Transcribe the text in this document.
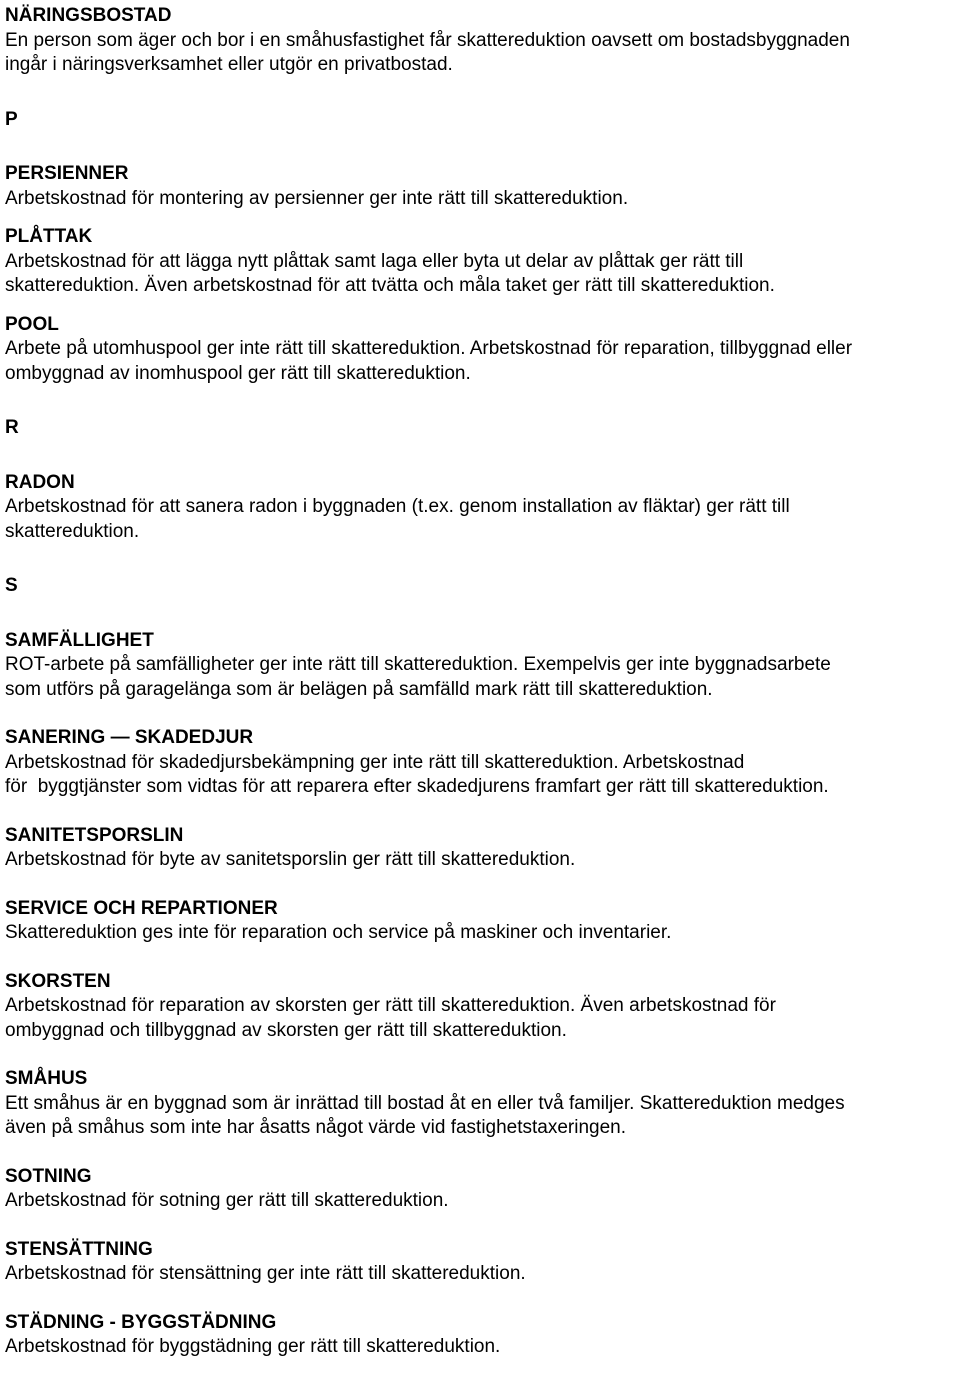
NÄRINGSBOSTAD
En person som äger och bor i en småhusfastighet får skattereduktion oavsett om bostadsbyggnaden
ingår i näringsverksamhet eller utgör en privatbostad.
P
PERSIENNER
Arbetskostnad för montering av persienner ger inte rätt till skattereduktion.
PLÅTTAK
Arbetskostnad för att lägga nytt plåttak samt laga eller byta ut delar av plåttak ger rätt till
skattereduktion. Även arbetskostnad för att tvätta och måla taket ger rätt till skattereduktion.
POOL
Arbete på utomhuspool ger inte rätt till skattereduktion. Arbetskostnad för reparation, tillbyggnad eller
ombyggnad av inomhuspool ger rätt till skattereduktion.
R
RADON
Arbetskostnad för att sanera radon i byggnaden (t.ex. genom installation av fläktar) ger rätt till
skattereduktion.
S
SAMFÄLLIGHET
ROT-arbete på samfälligheter ger inte rätt till skattereduktion. Exempelvis ger inte byggnadsarbete
som utförs på garagelänga som är belägen på samfälld mark rätt till skattereduktion.
SANERING — SKADEDJUR
Arbetskostnad för skadedjursbekämpning ger inte rätt till skattereduktion. Arbetskostnad
för  byggtjänster som vidtas för att reparera efter skadedjurens framfart ger rätt till skattereduktion.
SANITETSPORSLIN
Arbetskostnad för byte av sanitetsporslin ger rätt till skattereduktion.
SERVICE OCH REPARTIONER
Skattereduktion ges inte för reparation och service på maskiner och inventarier.
SKORSTEN
Arbetskostnad för reparation av skorsten ger rätt till skattereduktion. Även arbetskostnad för
ombyggnad och tillbyggnad av skorsten ger rätt till skattereduktion.
SMÅHUS
Ett småhus är en byggnad som är inrättad till bostad åt en eller två familjer. Skattereduktion medges
även på småhus som inte har åsatts något värde vid fastighetstaxeringen.
SOTNING
Arbetskostnad för sotning ger rätt till skattereduktion.
STENSÄTTNING
Arbetskostnad för stensättning ger inte rätt till skattereduktion.
STÄDNING - BYGGSTÄDNING
Arbetskostnad för byggstädning ger rätt till skattereduktion.
